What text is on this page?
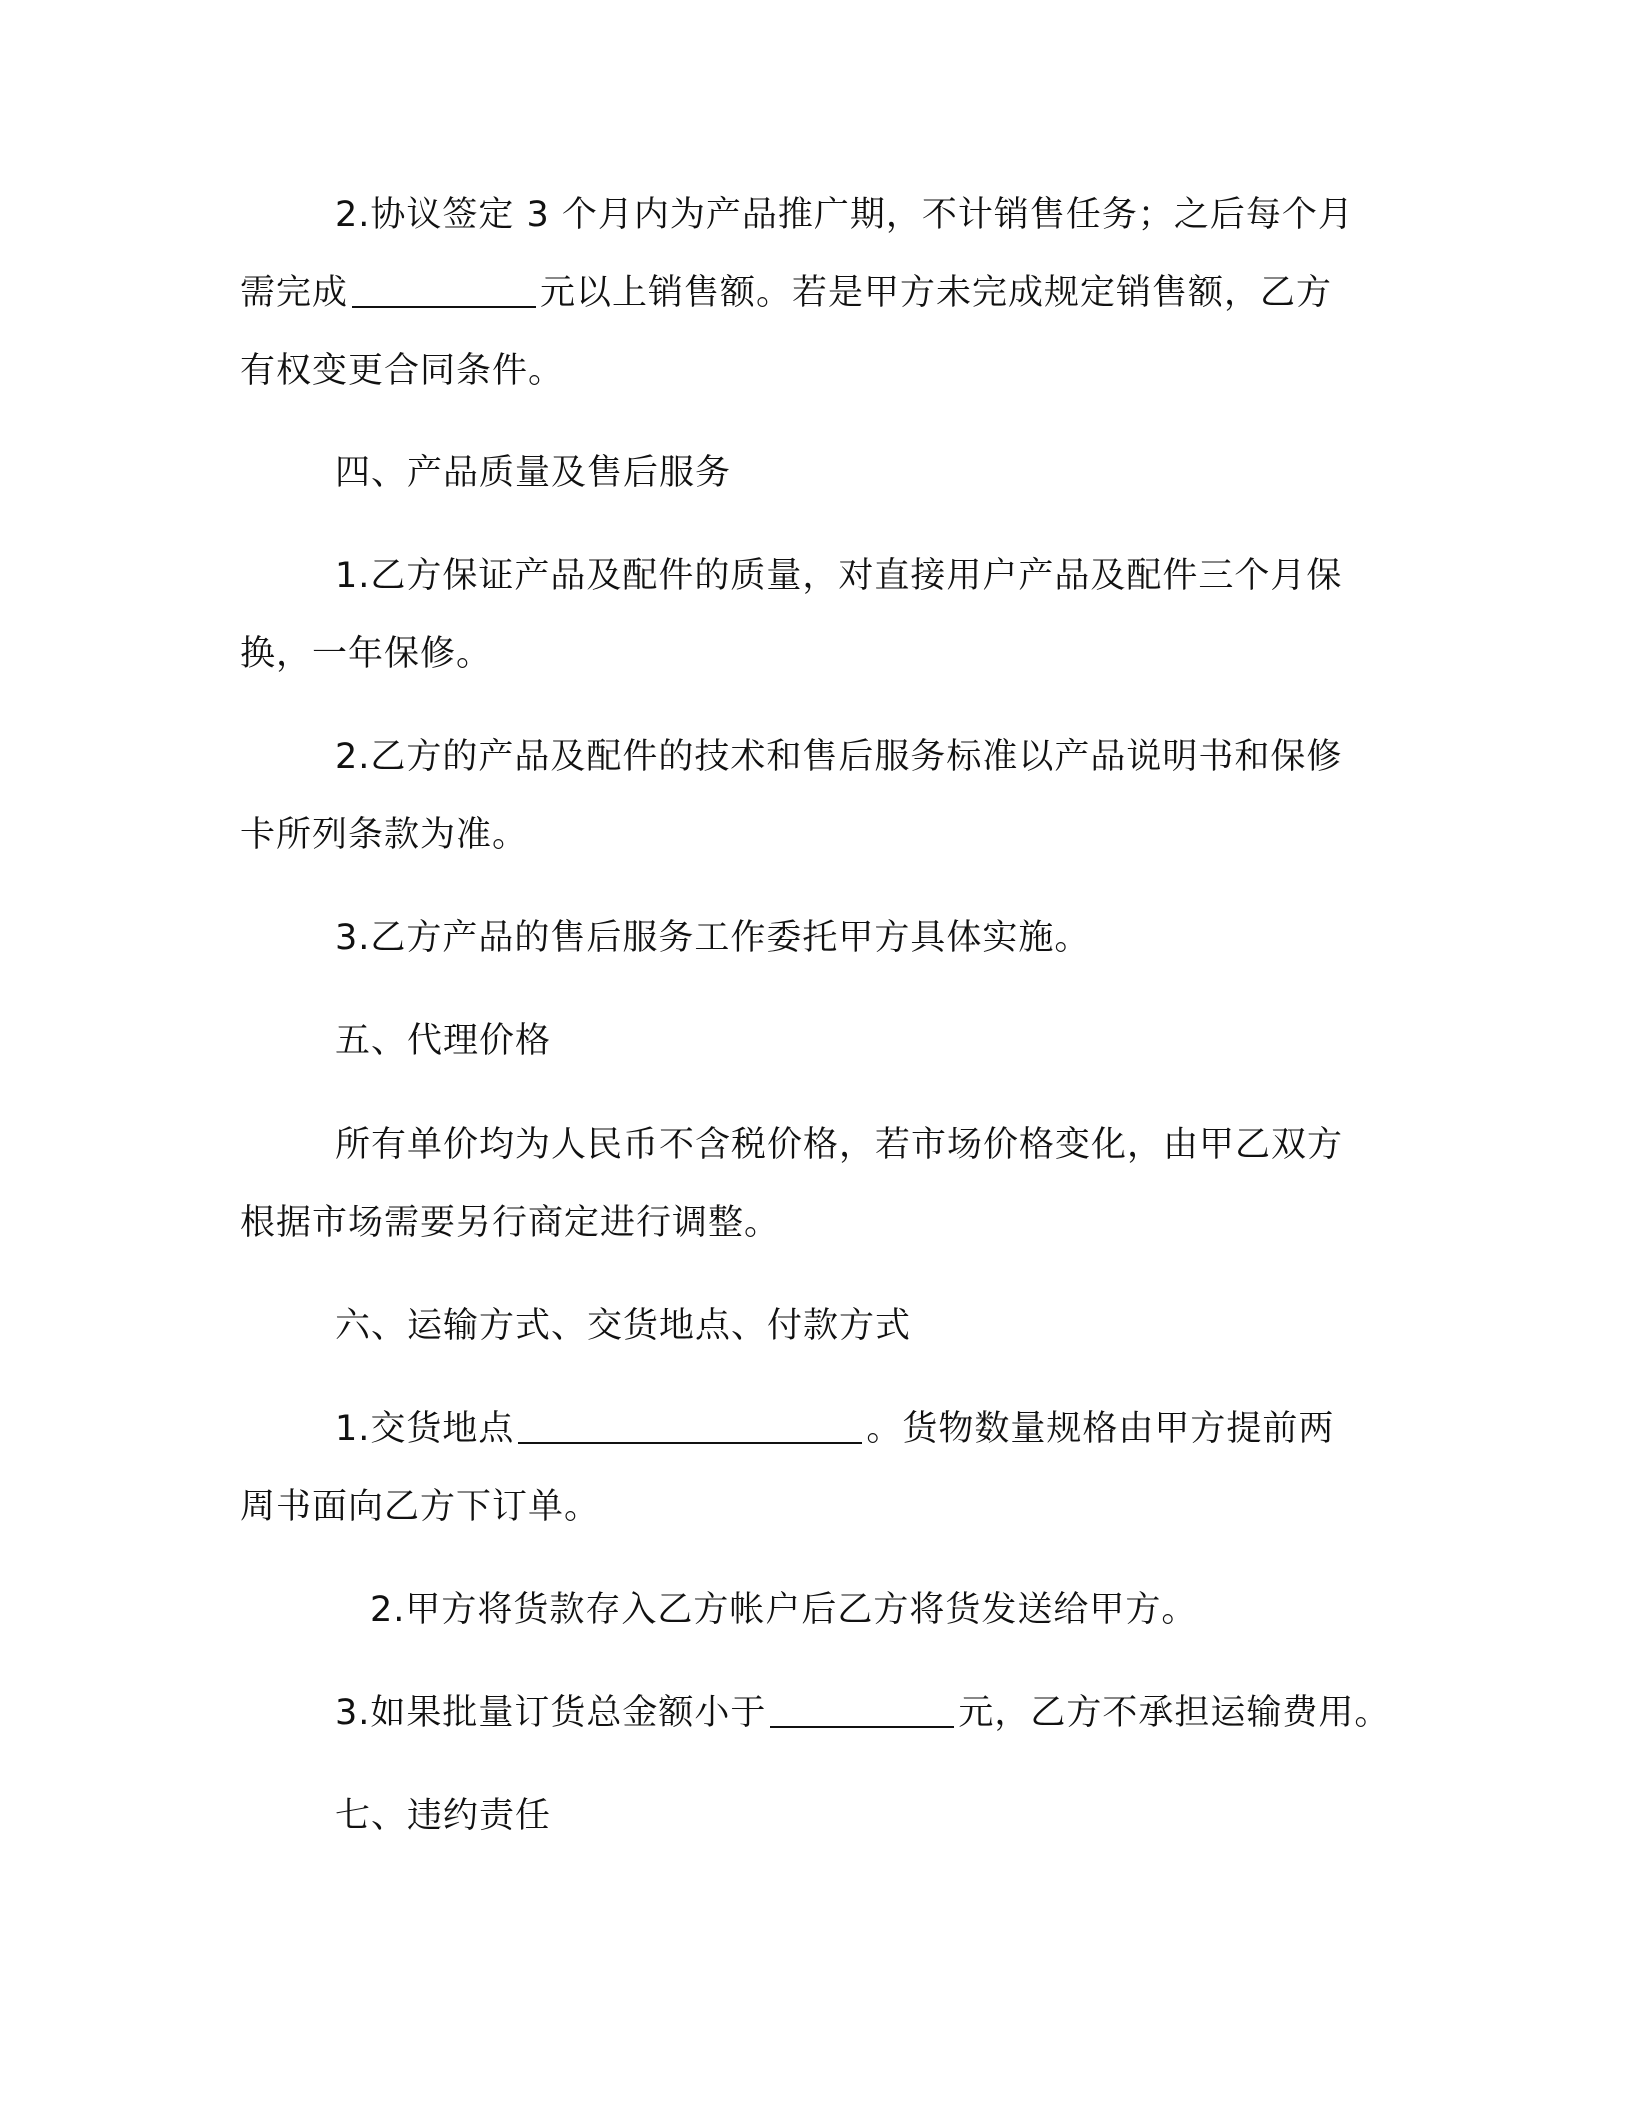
2.协议签定 3 个月内为产品推广期，不计销售任务；之后每个月
需完成	元以上销售额。若是甲方未完成规定销售额，乙方
有权变更合同条件。

四、产品质量及售后服务

1.乙方保证产品及配件的质量，对直接用户产品及配件三个月保
换，一年保修。

2.乙方的产品及配件的技术和售后服务标准以产品说明书和保修
卡所列条款为准。

3.乙方产品的售后服务工作委托甲方具体实施。

五、代理价格

所有单价均为人民币不含税价格，若市场价格变化，由甲乙双方
根据市场需要另行商定进行调整。

六、运输方式、交货地点、付款方式

1.交货地点	。货物数量规格由甲方提前两
周书面向乙方下订单。

2.甲方将货款存入乙方帐户后乙方将货发送给甲方。

3.如果批量订货总金额小于	元，乙方不承担运输费用。

七、违约责任
